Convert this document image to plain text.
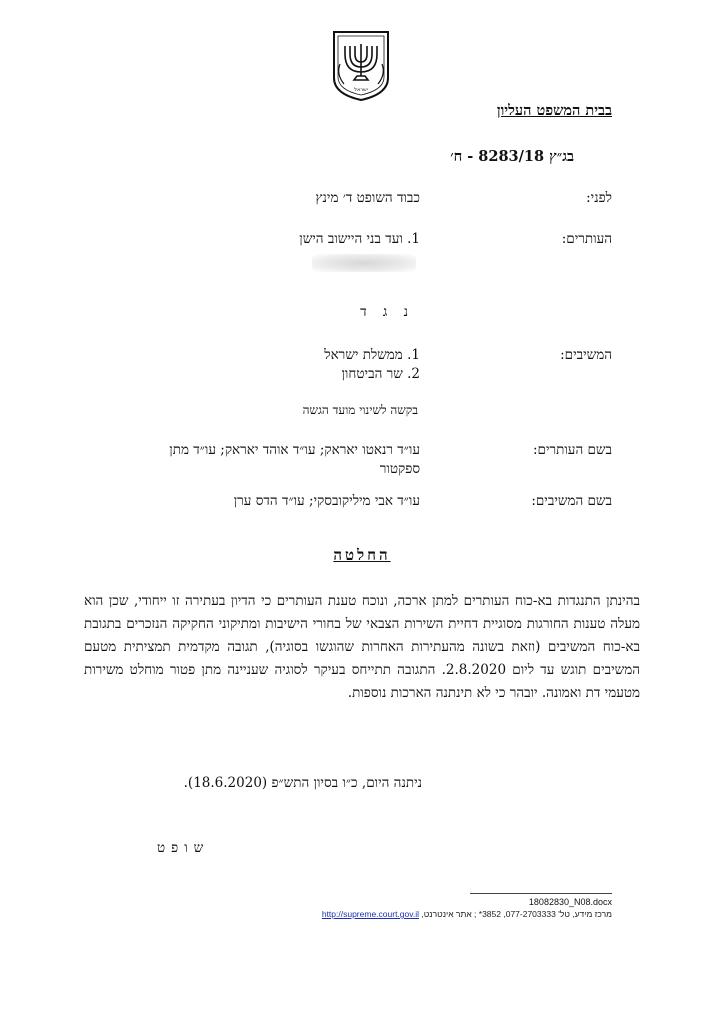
ישראל
בבית המשפט העליון
בג״ץ 8283/18 - ח׳
לפני:
כבוד השופט ד׳ מינץ
העותרים:
1. ועד בני היישוב הישן
נ ג ד
המשיבים:
1. ממשלת ישראל
2. שר הביטחון
בקשה לשינוי מועד הגשה
בשם העותרים:
עו״ד רנאטו יאראק; עו״ד אוהד יאראק; עו״ד מתן ספקטור
בשם המשיבים:
עו״ד אבי מיליקובסקי; עו״ד הדס ערן
החלטה
בהינתן התנגדות בא-כוח העותרים למתן ארכה, ונוכח טענת העותרים כי הדיון בעתירה זו ייחודי, שכן הוא מעלה טענות החורגות מסוגיית דחיית השירות הצבאי של בחורי הישיבות ומתיקוני החקיקה הנזכרים בתגובת בא-כוח המשיבים (וזאת בשונה מהעתירות האחרות שהוגשו בסוגיה), תגובה מקדמית תמציתית מטעם המשיבים תוגש עד ליום 2.8.2020. התגובה תתייחס בעיקר לסוגיה שעניינה מתן פטור מוחלט משירות מטעמי דת ואמונה. יובהר כי לא תינתנה הארכות נוספות.
ניתנה היום, כ״ו בסיון התש״פ (18.6.2020).
שופט
18082830_N08.docx
מרכז מידע, טל' 077-2703333, 3852* ; אתר אינטרנט, http://supreme.court.gov.il
